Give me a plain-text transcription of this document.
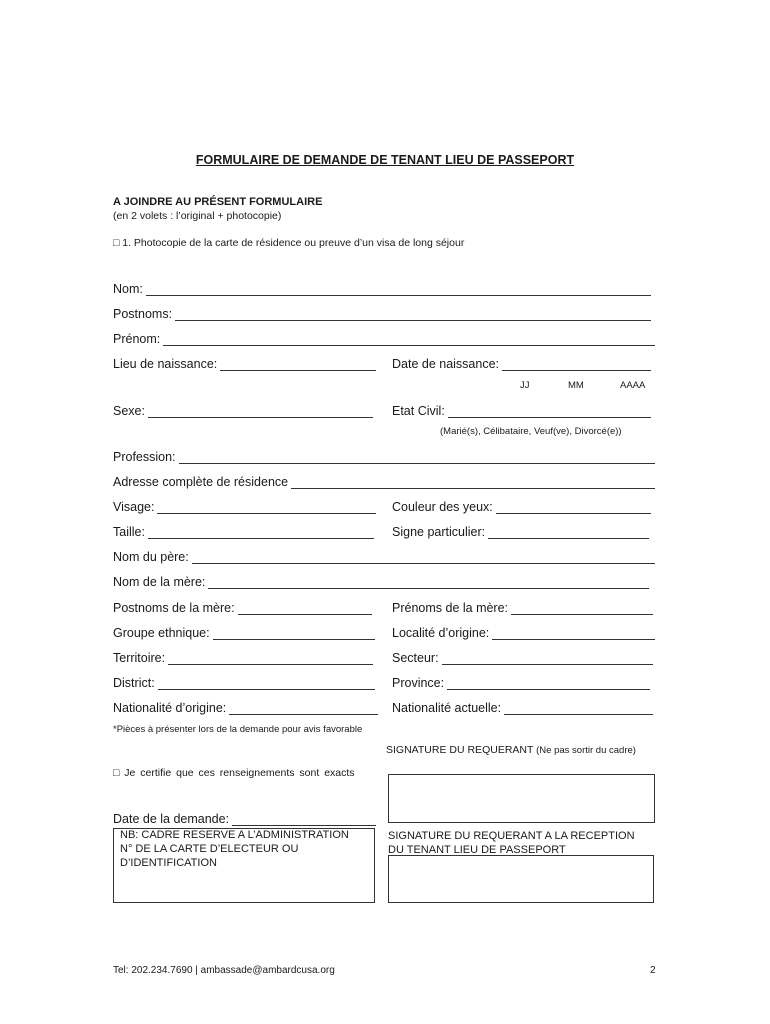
FORMULAIRE DE DEMANDE DE TENANT LIEU DE PASSEPORT
A JOINDRE AU PRÉSENT FORMULAIRE
(en 2 volets : l’original + photocopie)
□ 1. Photocopie de la carte de résidence ou preuve d’un visa de long séjour
Nom:
Postnoms:
Prénom:
Lieu de naissance:	Date de naissance:
JJ	MM	AAAA
Sexe:	Etat Civil:
(Marié(s), Célibataire, Veuf(ve), Divorcé(e))
Profession:
Adresse complète de résidence
Visage:	Couleur des yeux:
Taille:	Signe particulier:
Nom du père:
Nom de la mère:
Postnoms de la mère:	Prénoms de la mère:
Groupe ethnique:	Localité d’origine:
Territoire:	Secteur:
District:	Province:
Nationalité d’origine:	Nationalité actuelle:
*Pièces à présenter lors de la demande pour avis favorable
SIGNATURE DU REQUERANT (Ne pas sortir du cadre)
□ Je certifie que ces renseignements sont exacts
Date de la demande:
NB: CADRE RESERVE A L’ADMINISTRATION
N° DE LA CARTE D’ELECTEUR OU
D’IDENTIFICATION
SIGNATURE DU REQUERANT A LA RECEPTION
DU TENANT LIEU DE PASSEPORT
Tel: 202.234.7690 | ambassade@ambardcusa.org	2
